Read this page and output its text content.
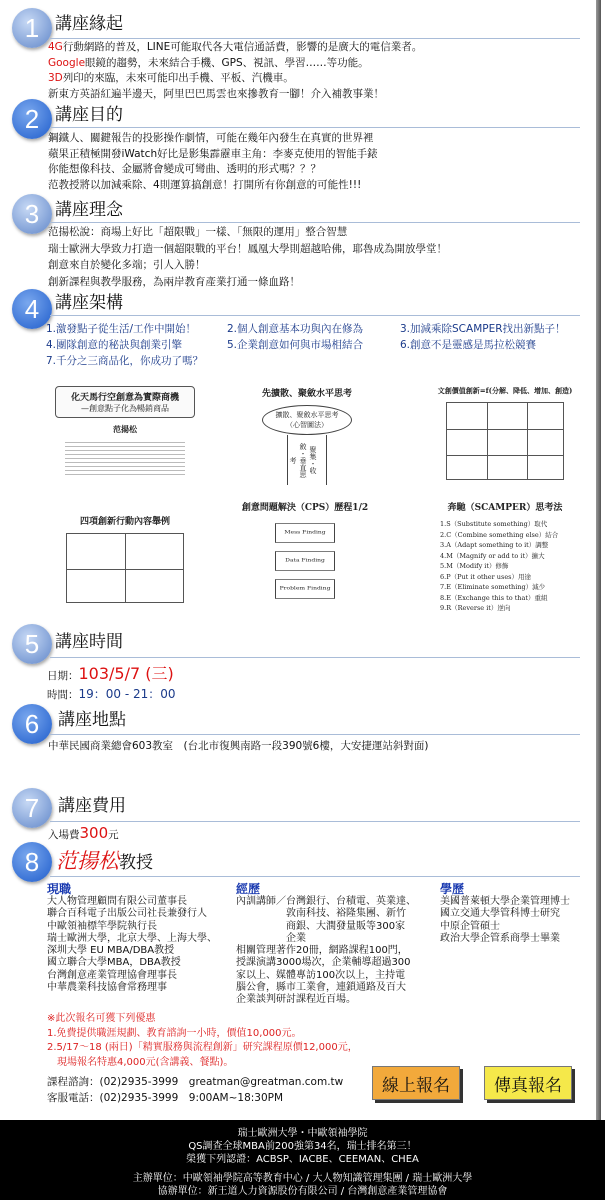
1 講座緣起
4G行動網路的普及，LINE可能取代各大電信通話費，影響的是廣大的電信業者。
Google眼鏡的趨勢，未來結合手機、GPS、視訊、學習……等功能。
3D列印的來臨，未來可能印出手機、平板、汽機車。
新東方英語紅遍半邊天，阿里巴巴馬雲也來摻教育一腳！介入補教事業！
2 講座目的
鋼鐵人、關鍵報告的投影操作劇情，可能在幾年內發生在真實的世界裡
蘋果正積極開發iWatch好比是影集霹靂車主角：李麥克使用的智能手錶
你能想像科技、金屬將會變成可彎曲、透明的形式嗎？？？
范教授將以加減乘除、4則運算搞創意！打開所有你創意的可能性!!!
3 講座理念
范揚松說：商場上好比「超限戰」一樣、「無限的運用」整合智慧
瑞士歐洲大學致力打造一個超限戰的平台！鳳凰大學則超越哈佛，耶魯成為開放學堂！
創意來自於變化多端；引人入勝！
創新課程與教學服務，為兩岸教育產業打通一條血路！
4 講座架構
1.激發點子從生活/工作中開始！	2.個人創意基本功與內在修為	3.加減乘除SCAMPER找出新點子！
4.團隊創意的秘訣與創業引擎	5.企業創意如何與市場相結合	6.創意不是靈感是馬拉松競賽
7.千分之三商品化，你成功了嗎？
化天馬行空創意為實際商機
—創意點子化為暢銷商品
范揚松
先擴散、聚斂水平思考
擴散、聚斂水平思考（心智圖法）
聚集・收斂・垂直思考
文創價值創新=f(分解、降低、增加、創造)
四項創新行動內容舉例
創意問題解決（CPS）歷程1/2
Mess Finding
Data Finding
Problem Finding
奔馳（SCAMPER）思考法
1.S（Substitute something）取代
2.C（Combine something else）結合
3.A（Adapt something to it）調整
4.M（Magnify or add to it）擴大
5.M（Modify it）修飾
6.P（Put it other uses）用途
7.E（Eliminate something）減少
8.E（Exchange this to that）重組
9.R（Reverse it）逆向
5 講座時間
日期：103/5/7 (三)
時間：19：00 - 21：00
6	講座地點
中華民國商業總會603教室　(台北市復興南路一段390號6樓，大安捷運站斜對面)
7	講座費用
入場費300元
8 范揚松教授
現職
大人物管理顧問有限公司董事長
聯合百科電子出版公司社長兼發行人
中歐領袖標竿學院執行長
瑞士歐洲大學，北京大學、上海大學、
深圳大學 EU MBA/DBA教授
國立聯合大學MBA，DBA教授
台灣創意產業管理協會理事長
中華農業科技協會常務理事
經歷
內訓講師／台灣銀行、台積電、英業達、
　　　　　敦南科技、裕隆集團、新竹
　　　　　商銀、大潤發量販等300家
　　　　　企業
相關管理著作20冊，網路課程100門，
授課演講3000場次，企業輔導超過300
家以上、媒體專訪100次以上，主持電
腦公會，縣市工業會，連鎖通路及百大
企業談判研討課程近百場。
學歷
美國普萊頓大學企業管理博士
國立交通大學管科博士研究
中原企管碩士
政治大學企管系商學士畢業
※此次報名可獲下列優惠
1.免費提供職涯規劃、教育諮詢一小時，價值10,000元。
2.5/17～18 (兩日)「精實服務與流程創新」研究課程原價12,000元，
　現場報名特惠4,000元(含講義、餐點)。
課程諮詢：(02)2935-3999　greatman@greatman.com.tw
客服電話：(02)2935-3999　9:00AM~18:30PM
線上報名	傳真報名
瑞士歐洲大學・中歐領袖學院
QS調查全球MBA前200強第34名，瑞士排名第三！
榮獲下列認證：ACBSP、IACBE、CEEMAN、CHEA
主辦單位：中歐領袖學院高等教育中心 / 大人物知識管理集團 / 瑞士歐洲大學
協辦單位：新王道人力資源股份有限公司 / 台灣創意產業管理協會
